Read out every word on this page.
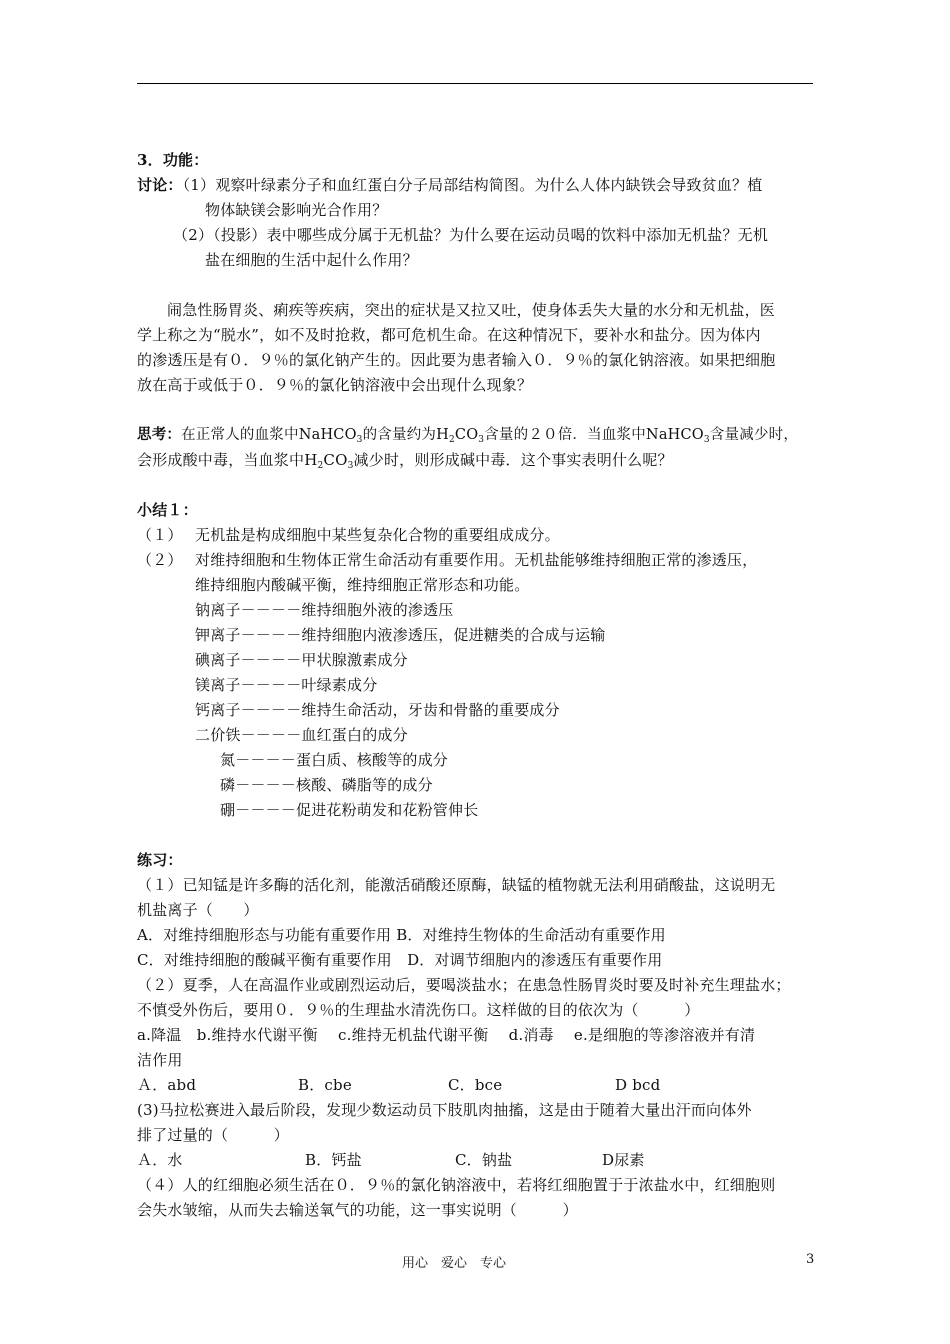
3．功能：
讨论：（1）观察叶绿素分子和血红蛋白分子局部结构简图。为什么人体内缺铁会导致贫血？植
物体缺镁会影响光合作用？
（2）（投影）表中哪些成分属于无机盐？为什么要在运动员喝的饮料中添加无机盐？无机
盐在细胞的生活中起什么作用？
闹急性肠胃炎、痢疾等疾病，突出的症状是又拉又吐，使身体丢失大量的水分和无机盐，医
学上称之为“脱水”，如不及时抢救，都可危机生命。在这种情况下，要补水和盐分。因为体内
的渗透压是有０．９％的氯化钠产生的。因此要为患者输入０．９％的氯化钠溶液。如果把细胞
放在高于或低于０．９％的氯化钠溶液中会出现什么现象？
思考：在正常人的血浆中NaHCO$_3$的含量约为$H_2CO_3$含量的２０倍．当血浆中NaHCO$_3$含量减少时，
会形成酸中毒，当血浆中$H_2CO_3$减少时，则形成碱中毒．这个事实表明什么呢？
小结１：
（１） 无机盐是构成细胞中某些复杂化合物的重要组成成分。
（２） 对维持细胞和生物体正常生命活动有重要作用。无机盐能够维持细胞正常的渗透压，
维持细胞内酸碱平衡，维持细胞正常形态和功能。
钠离子－－－－维持细胞外液的渗透压
钾离子－－－－维持细胞内液渗透压，促进糖类的合成与运输
碘离子－－－－甲状腺激素成分
镁离子－－－－叶绿素成分
钙离子－－－－维持生命活动，牙齿和骨骼的重要成分
二价铁－－－－血红蛋白的成分
氮－－－－蛋白质、核酸等的成分
磷－－－－核酸、磷脂等的成分
硼－－－－促进花粉萌发和花粉管伸长
练习：
（１）已知锰是许多酶的活化剂，能激活硝酸还原酶，缺锰的植物就无法利用硝酸盐，这说明无
机盐离子（　　）
A．对维持细胞形态与功能有重要作用 B．对维持生物体的生命活动有重要作用
C．对维持细胞的酸碱平衡有重要作用　D．对调节细胞内的渗透压有重要作用
（２）夏季，人在高温作业或剧烈运动后，要喝淡盐水；在患急性肠胃炎时要及时补充生理盐水；
不慎受外伤后，要用０．９％的生理盐水清洗伤口。这样做的目的依次为（　　　）
a.降温　b.维持水代谢平衡　 c.维持无机盐代谢平衡　 d.消毒　 e.是细胞的等渗溶液并有清
洁作用
Ａ．abd	B．cbe	C．bce	D bcd
(3)马拉松赛进入最后阶段，发现少数运动员下肢肌肉抽搐，这是由于随着大量出汗而向体外
排了过量的（　　　）
Ａ．水	B．钙盐	C．钠盐	D尿素
（４）人的红细胞必须生活在０．９％的氯化钠溶液中，若将红细胞置于于浓盐水中，红细胞则
会失水皱缩，从而失去输送氧气的功能，这一事实说明（　　　）
用心　爱心　专心	3
